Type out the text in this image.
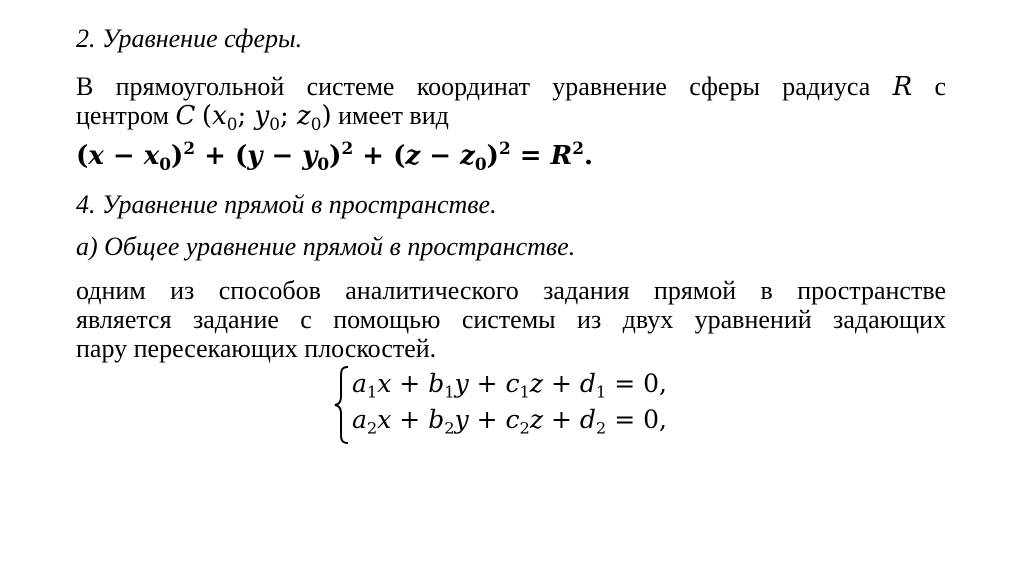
2. Уравнение сферы.
В прямоугольной системе координат уравнение сферы радиуса R с
центром C ($x_0$; $y_0$; $z_0$) имеет вид
$(x - x_0)^2 + (y - y_0)^2 + (z - z_0)^2 = R^2$.
4. Уравнение прямой в пространстве.
а) Общее уравнение прямой в пространстве.
одним из способов аналитического задания прямой в пространстве
является задание с помощью системы из двух уравнений задающих
пару пересекающих плоскостей.
$a_1x + b_1y + c_1z + d_1 = 0$,
$a_2x + b_2y + c_2z + d_2 = 0$,
